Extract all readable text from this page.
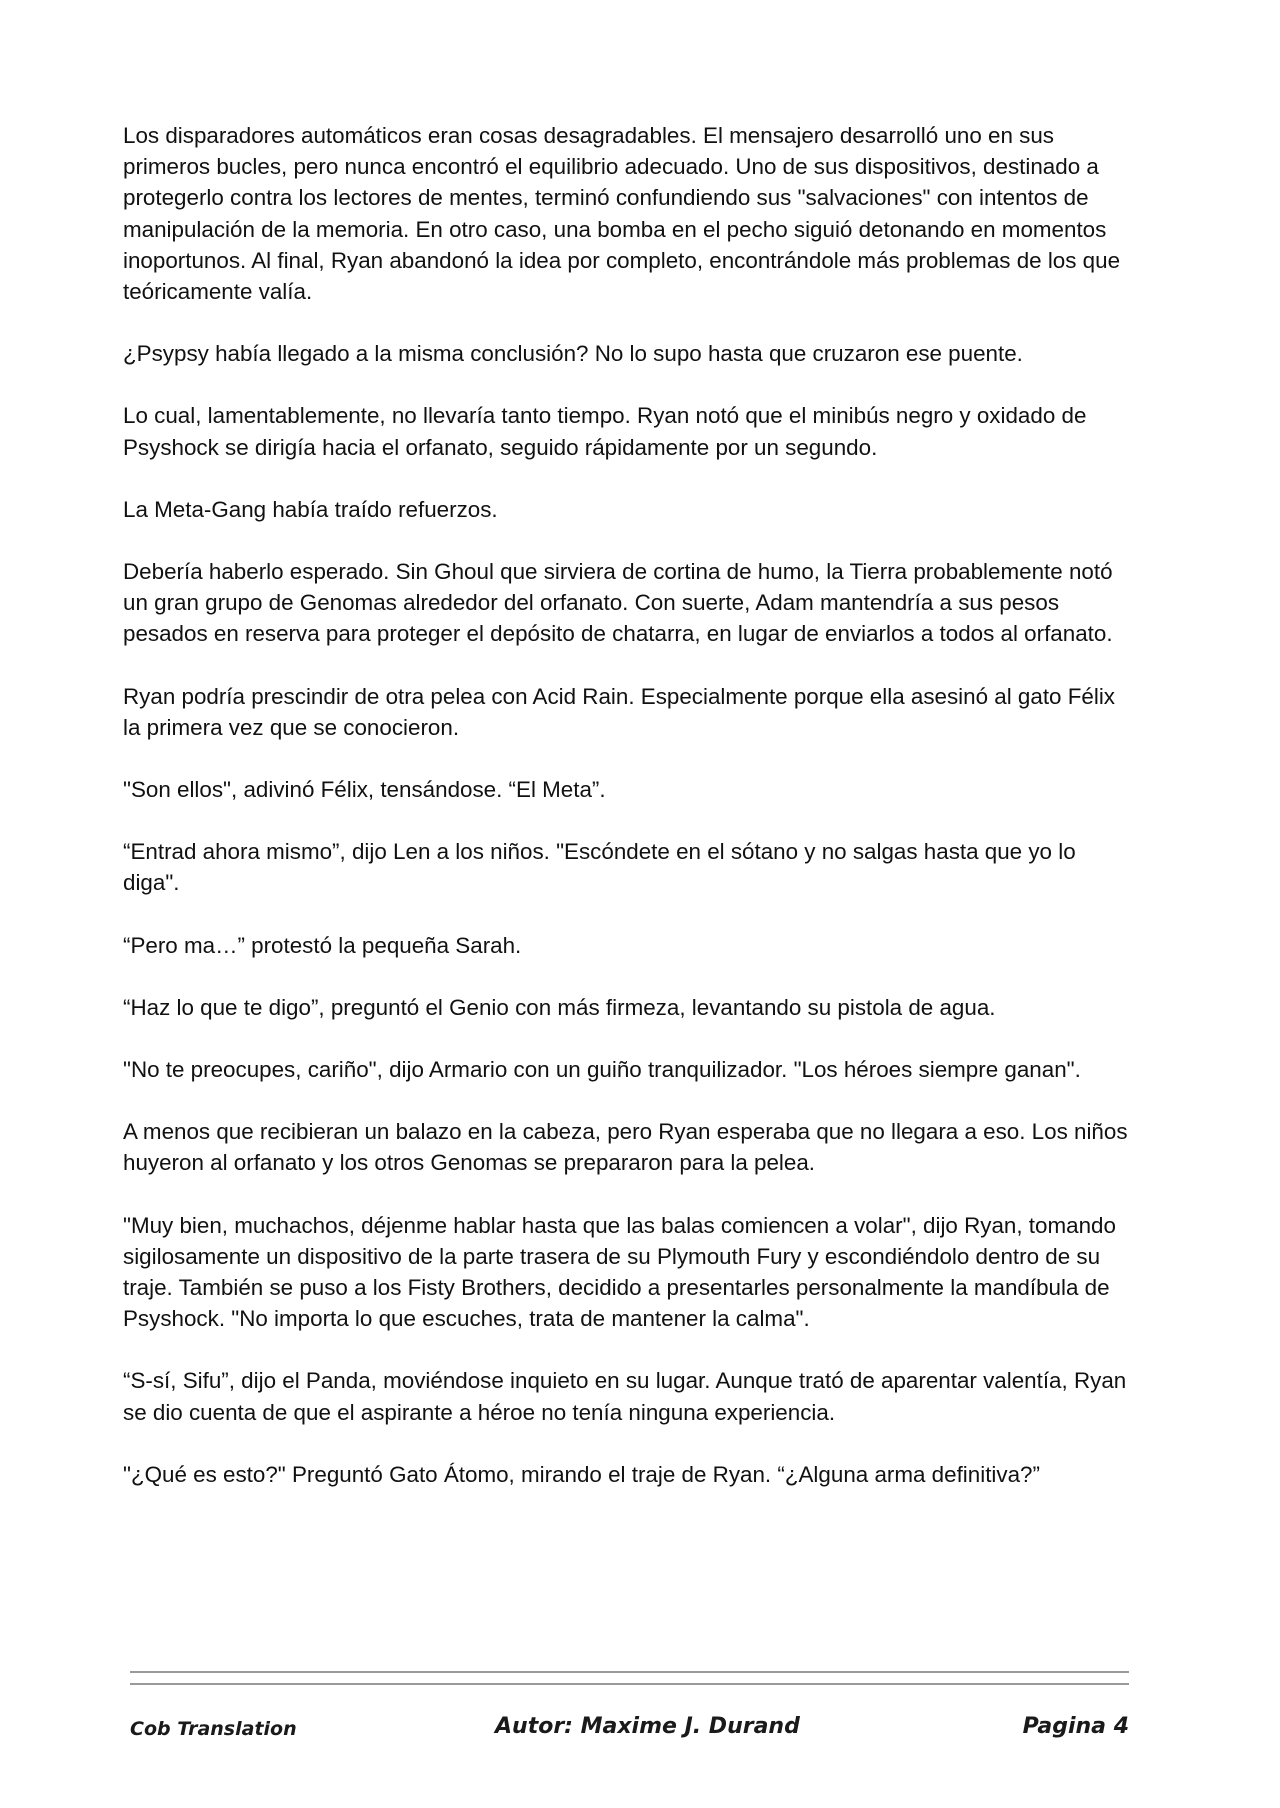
Los disparadores automáticos eran cosas desagradables. El mensajero desarrolló uno en sus primeros bucles, pero nunca encontró el equilibrio adecuado. Uno de sus dispositivos, destinado a protegerlo contra los lectores de mentes, terminó confundiendo sus "salvaciones" con intentos de manipulación de la memoria. En otro caso, una bomba en el pecho siguió detonando en momentos inoportunos. Al final, Ryan abandonó la idea por completo, encontrándole más problemas de los que teóricamente valía.

¿Psypsy había llegado a la misma conclusión? No lo supo hasta que cruzaron ese puente.

Lo cual, lamentablemente, no llevaría tanto tiempo. Ryan notó que el minibús negro y oxidado de Psyshock se dirigía hacia el orfanato, seguido rápidamente por un segundo.

La Meta-Gang había traído refuerzos.

Debería haberlo esperado. Sin Ghoul que sirviera de cortina de humo, la Tierra probablemente notó un gran grupo de Genomas alrededor del orfanato. Con suerte, Adam mantendría a sus pesos pesados en reserva para proteger el depósito de chatarra, en lugar de enviarlos a todos al orfanato.

Ryan podría prescindir de otra pelea con Acid Rain. Especialmente porque ella asesinó al gato Félix la primera vez que se conocieron.

"Son ellos", adivinó Félix, tensándose. “El Meta”.

“Entrad ahora mismo”, dijo Len a los niños. "Escóndete en el sótano y no salgas hasta que yo lo diga".

“Pero ma…” protestó la pequeña Sarah.

“Haz lo que te digo”, preguntó el Genio con más firmeza, levantando su pistola de agua.

"No te preocupes, cariño", dijo Armario con un guiño tranquilizador. "Los héroes siempre ganan".

A menos que recibieran un balazo en la cabeza, pero Ryan esperaba que no llegara a eso. Los niños huyeron al orfanato y los otros Genomas se prepararon para la pelea.

"Muy bien, muchachos, déjenme hablar hasta que las balas comiencen a volar", dijo Ryan, tomando sigilosamente un dispositivo de la parte trasera de su Plymouth Fury y escondiéndolo dentro de su traje. También se puso a los Fisty Brothers, decidido a presentarles personalmente la mandíbula de Psyshock. "No importa lo que escuches, trata de mantener la calma".

“S-sí, Sifu”, dijo el Panda, moviéndose inquieto en su lugar. Aunque trató de aparentar valentía, Ryan se dio cuenta de que el aspirante a héroe no tenía ninguna experiencia.

"¿Qué es esto?" Preguntó Gato Átomo, mirando el traje de Ryan. “¿Alguna arma definitiva?”

Cob Translation	Autor: Maxime J. Durand	Pagina 4
